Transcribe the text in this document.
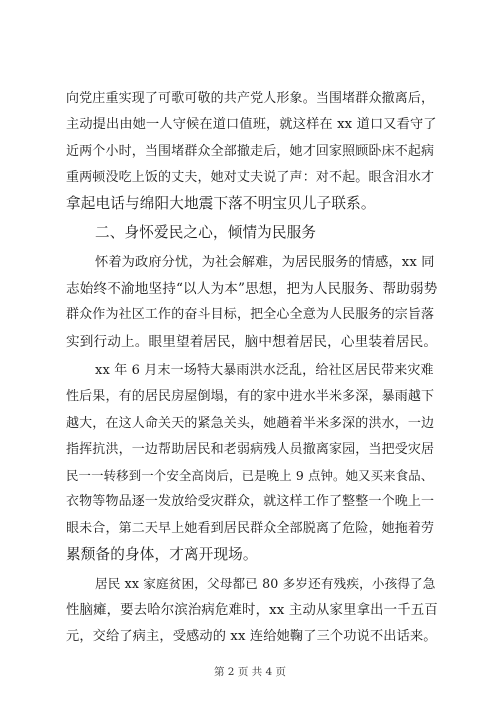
向党庄重实现了可歌可敬的共产党人形象。当围堵群众撤离后，
主动提出由她一人守候在道口值班，就这样在 xx 道口又看守了
近两个小时，当围堵群众全部撤走后，她才回家照顾卧床不起病
重两顿没吃上饭的丈夫，她对丈夫说了声：对不起。眼含泪水才
拿起电话与绵阳大地震下落不明宝贝儿子联系。
二、身怀爱民之心，倾情为民服务
怀着为政府分忧，为社会解难，为居民服务的情感，xx 同
志始终不渝地坚持“以人为本”思想，把为人民服务、帮助弱势
群众作为社区工作的奋斗目标，把全心全意为人民服务的宗旨落
实到行动上。眼里望着居民，脑中想着居民，心里装着居民。
xx 年 6 月末一场特大暴雨洪水泛乱，给社区居民带来灾难
性后果，有的居民房屋倒塌，有的家中进水半米多深，暴雨越下
越大，在这人命关天的紧急关头，她趟着半米多深的洪水，一边
指挥抗洪，一边帮助居民和老弱病残人员撤离家园，当把受灾居
民一一转移到一个安全高岗后，已是晚上 9 点钟。她又买来食品、
衣物等物品逐一发放给受灾群众，就这样工作了整整一个晚上一
眼未合，第二天早上她看到居民群众全部脱离了危险，她拖着劳
累颓备的身体，才离开现场。
居民 xx 家庭贫困，父母都已 80 多岁还有残疾，小孩得了急
性脑瘫，要去哈尔滨治病危难时，xx 主动从家里拿出一千五百
元，交给了病主，受感动的 xx 连给她鞠了三个功说不出话来。
第 2 页 共 4 页
